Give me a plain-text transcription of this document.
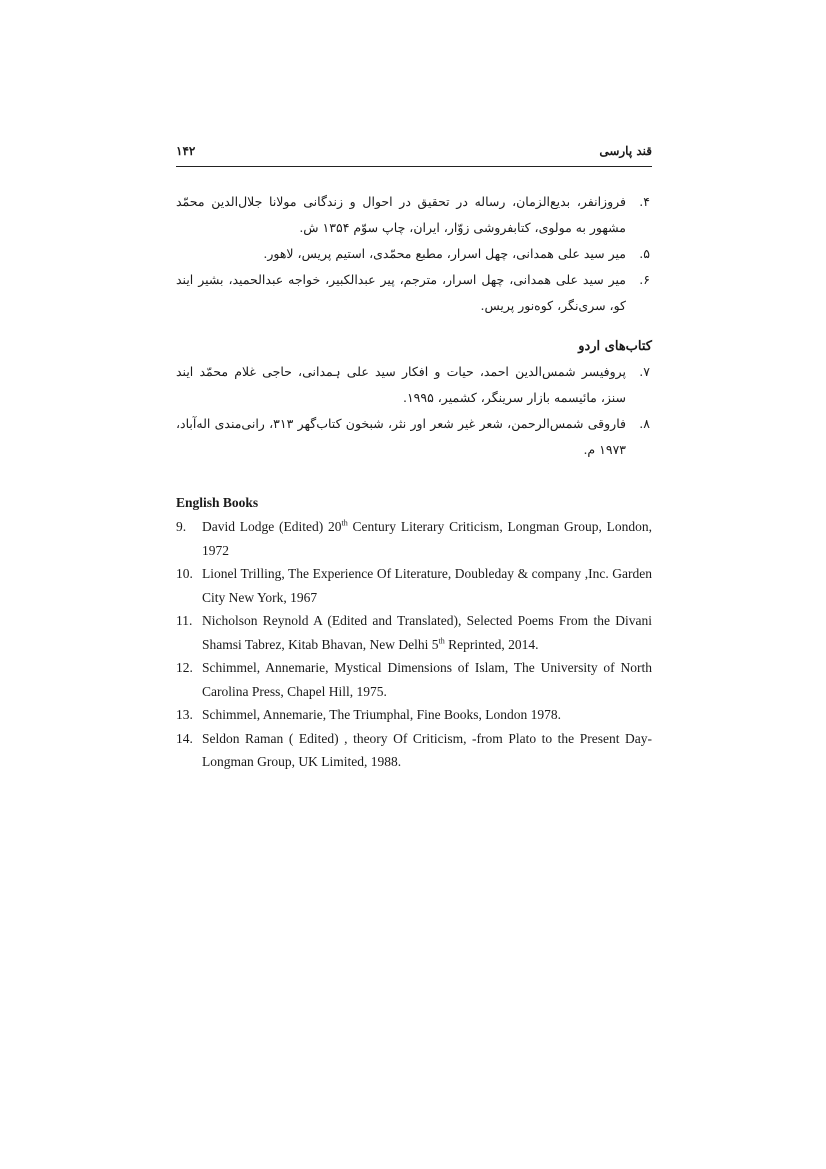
قند پارسی
۱۴۲
۴.
فروزانفر، بدیع‌الزمان، رساله در تحقیق در احوال و زندگانی مولانا جلال‌الدین محمّد مشهور به مولوی، کتابفروشی زوّار، ایران، چاپ سوّم ۱۳۵۴ ش.
۵.
میر سید علی همدانی، چهل اسرار، مطبع محمّدی، استیم پریس، لاهور.
۶.
میر سید علی همدانی، چهل اسرار، مترجم، پیر عبدالکبیر، خواجه عبدالحمید، بشیر ایند کو، سری‌نگر، کوه‌نور پریس.
کتاب‌های اردو
۷.
پروفیسر شمس‌الدین احمد، حیات و افکار سید علی ہمدانی، حاجی غلام محمّد ایند سنز، مائیسمه بازار سرینگر، کشمیر، ۱۹۹۵.
۸.
فاروقی شمس‌الرحمن، شعر غیر شعر اور نثر، شبخون کتاب‌گهر ۳۱۳، رانی‌مندی اله‌آباد، ۱۹۷۳ م.
English Books
9. David Lodge (Edited) 20th Century Literary Criticism, Longman Group, London, 1972
10. Lionel Trilling, The Experience Of Literature, Doubleday & company ,Inc. Garden City New York, 1967
11. Nicholson Reynold A (Edited and Translated), Selected Poems From the Divani Shamsi Tabrez, Kitab Bhavan, New Delhi 5th Reprinted, 2014.
12. Schimmel, Annemarie, Mystical Dimensions of Islam, The University of North Carolina Press, Chapel Hill, 1975.
13. Schimmel, Annemarie, The Triumphal, Fine Books, London 1978.
14. Seldon Raman ( Edited) , theory Of Criticism, -from Plato to the Present Day-Longman Group, UK Limited, 1988.
